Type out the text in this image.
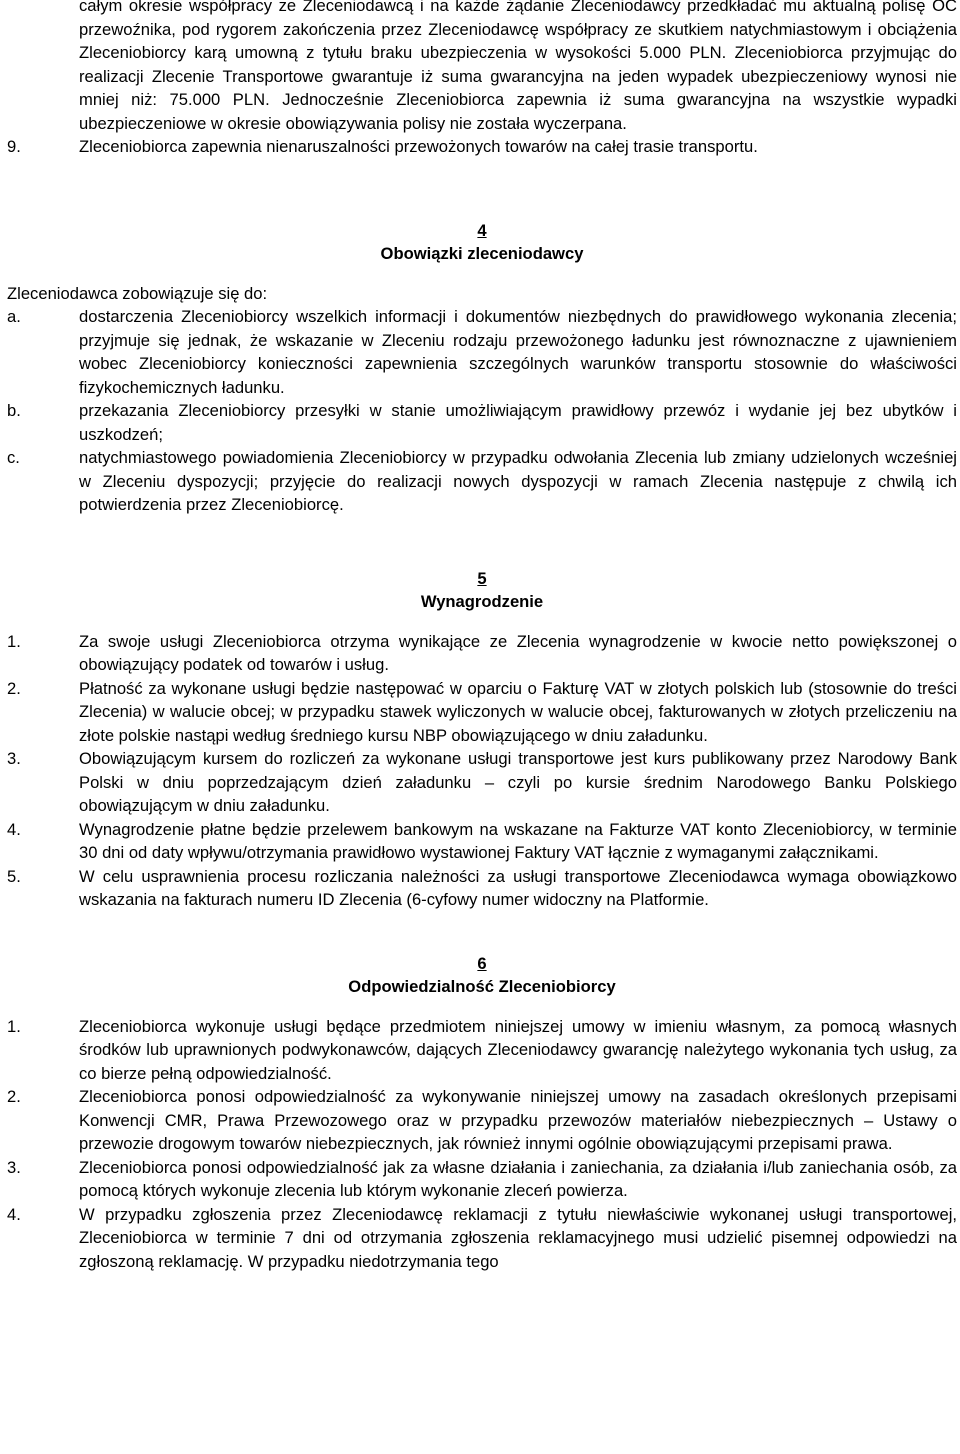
całym okresie współpracy ze Zleceniodawcą i na każde żądanie Zleceniodawcy przedkładać mu aktualną polisę OC przewoźnika, pod rygorem zakończenia przez Zleceniodawcę współpracy ze skutkiem natychmiastowym i obciążenia Zleceniobiorcy karą umowną z tytułu braku ubezpieczenia w wysokości 5.000 PLN. Zleceniobiorca przyjmując do realizacji Zlecenie Transportowe gwarantuje iż suma gwarancyjna na jeden wypadek ubezpieczeniowy wynosi nie mniej niż: 75.000 PLN. Jednocześnie Zleceniobiorca zapewnia iż suma gwarancyjna na wszystkie wypadki ubezpieczeniowe w okresie obowiązywania polisy nie została wyczerpana.
9.	Zleceniobiorca zapewnia nienaruszalności przewożonych towarów na całej trasie transportu.
4
Obowiązki zleceniodawcy

Zleceniodawca zobowiązuje się do:

a.	dostarczenia Zleceniobiorcy wszelkich informacji i dokumentów niezbędnych do prawidłowego wykonania zlecenia; przyjmuje się jednak, że wskazanie w Zleceniu rodzaju przewożonego ładunku jest równoznaczne z ujawnieniem wobec Zleceniobiorcy konieczności zapewnienia szczególnych warunków transportu stosownie do właściwości fizykochemicznych ładunku.
b.	przekazania Zleceniobiorcy przesyłki w stanie umożliwiającym prawidłowy przewóz i wydanie jej bez ubytków i uszkodzeń;
c.	natychmiastowego powiadomienia Zleceniobiorcy w przypadku odwołania Zlecenia lub zmiany udzielonych wcześniej w Zleceniu dyspozycji; przyjęcie do realizacji nowych dyspozycji w ramach Zlecenia następuje z chwilą ich potwierdzenia przez Zleceniobiorcę.
5
Wynagrodzenie
1.	Za swoje usługi Zleceniobiorca otrzyma wynikające ze Zlecenia wynagrodzenie w kwocie netto powiększonej o obowiązujący podatek od towarów i usług.
2.	Płatność za wykonane usługi będzie następować w oparciu o Fakturę VAT w złotych polskich lub (stosownie do treści Zlecenia) w walucie obcej; w przypadku stawek wyliczonych w walucie obcej, fakturowanych w złotych przeliczeniu na złote polskie nastąpi według średniego kursu NBP obowiązującego w dniu załadunku.
3.	Obowiązującym kursem do rozliczeń za wykonane usługi transportowe jest kurs publikowany przez Narodowy Bank Polski w dniu poprzedzającym dzień załadunku – czyli po kursie średnim Narodowego Banku Polskiego obowiązującym w dniu załadunku.
4.	Wynagrodzenie płatne będzie przelewem bankowym na wskazane na Fakturze VAT konto Zleceniobiorcy, w terminie 30 dni od daty wpływu/otrzymania prawidłowo wystawionej Faktury VAT łącznie z wymaganymi załącznikami.
5.	W celu usprawnienia procesu rozliczania należności za usługi transportowe Zleceniodawca wymaga obowiązkowo wskazania na fakturach numeru ID Zlecenia (6-cyfowy numer widoczny na Platformie.
6
Odpowiedzialność Zleceniobiorcy
1.	Zleceniobiorca wykonuje usługi będące przedmiotem niniejszej umowy w imieniu własnym, za pomocą własnych środków lub uprawnionych podwykonawców, dających Zleceniodawcy gwarancję należytego wykonania tych usług, za co bierze pełną odpowiedzialność.
2.	Zleceniobiorca ponosi odpowiedzialność za wykonywanie niniejszej umowy na zasadach określonych przepisami Konwencji CMR, Prawa Przewozowego oraz w przypadku przewozów materiałów niebezpiecznych – Ustawy o przewozie drogowym towarów niebezpiecznych, jak również innymi ogólnie obowiązującymi przepisami prawa.
3.	Zleceniobiorca ponosi odpowiedzialność jak za własne działania i zaniechania, za działania i/lub zaniechania osób, za pomocą których wykonuje zlecenia lub którym wykonanie zleceń powierza.
4.	W przypadku zgłoszenia przez Zleceniodawcę reklamacji z tytułu niewłaściwie wykonanej usługi transportowej, Zleceniobiorca w terminie 7 dni od otrzymania zgłoszenia reklamacyjnego musi udzielić pisemnej odpowiedzi na zgłoszoną reklamację. W przypadku niedotrzymania tego
